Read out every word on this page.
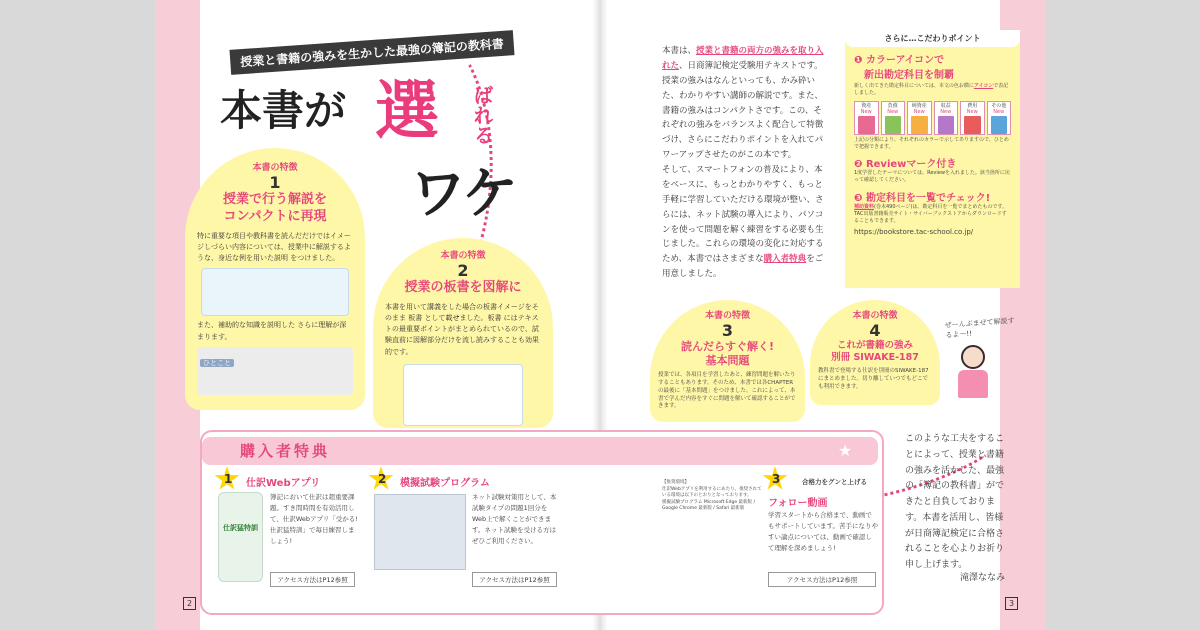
授業と書籍の強みを生かした最強の簿記の教科書
本書が 選 ばれる
ワケ
本書の特徴
1
授業で行う解説を
コンパクトに再現
特に重要な項目や教科書を読んだだけではイメージしづらい内容については、授業中に解説するような、身近な例を用いた説明 をつけました。
また、補助的な知識を説明した さらに理解が深まります。
ひとこと
本書の特徴
2
授業の板書を図解に
本書を用いて講義をした場合の板書イメージをそのまま 板書 として載せました。板書 にはテキストの最重要ポイントがまとめられているので、試験直前に図解部分だけを流し読みすることも効果的です。
本書は、授業と書籍の両方の強みを取り入れた、日商簿記検定受験用テキストです。
授業の強みはなんといっても、かみ砕いた、わかりやすい講師の解説です。また、書籍の強みはコンパクトさです。この、それぞれの強みをバランスよく配合して特徴づけ、さらにこだわりポイントを入れてパワーアップさせたのがこの本です。
そして、スマートフォンの普及により、本をベースに、もっとわかりやすく、もっと手軽に学習していただける環境が整い、さらには、ネット試験の導入により、パソコンを使って問題を解く練習をする必要も生じました。これらの環境の変化に対応するため、本書ではさまざまな購入者特典をご用意しました。
さらに…こだわりポイント
❶ カラーアイコンで
新出勘定科目を制覇
新しく出てきた勘定科目については、本文の色お横にアイコンで表記しました。
資産
New
負債
New
純資産
New
収益
New
費用
New
その他
New
上記の分類により、それぞれのカラーで示してありますので、ひとめで把握できます。
❷ Reviewマーク付き
1度学習したテーマについては、Reviewを入れました。該当箇所に戻って確認してください。
❸ 勘定科目を一覧でチェック!
補助資料(巻末490ページ)は、勘定科目を一覧でまとめたものです。TAC出版書籍販売サイト・サイバーブックストアからダウンロードすることもできます。
https://bookstore.tac-school.co.jp/
本書の特徴
3
読んだらすぐ解く!
基本問題
授業では、各項目を学習したあと、練習問題を解いたりすることもあります。そのため、本書では各CHAPTERの最後に「基本問題」をつけました。これによって、本書で学んだ内容をすぐに問題を解いて確認することができます。
本書の特徴
4
これが書籍の強み
別冊 SIWAKE-187
教科書で登場する仕訳を別冊のSIWAKE-187にまとめました。切り離していつでもどこでも利用できます。
ぜーんぶまぜて解説するよ〜!!
購入者特典	★
1 仕訳Webアプリ
仕訳猛特訓
簿記において仕訳は超重要課題。すき間時間を有効活用して、仕訳Webアプリ「受かる!仕訳猛特訓」で毎日練習しましょう!
アクセス方法はP12参照
2 模擬試験プログラム
ネット試験対策用として、本試験タイプの問題1回分をWeb上で解くことができます。ネット試験を受ける方はぜひご利用ください。
アクセス方法はP12参照
【推奨環境】
仕訳Webアプリを利用するにあたり、推奨されている環境は以下のとおりとなっております。
模擬試験プログラム Microsoft Edge 最新版 / Google Chrome 最新版 / Safari 最新版
3	合格力をグンと上げる
フォロー動画
学習スタートから合格まで、動画でもサポートしています。苦手になりやすい論点については、動画で確認して理解を深めましょう!
アクセス方法はP12参照
このような工夫をすることによって、授業と書籍の強みを活かした、最強の「簿記の教科書」ができたと自負しております。本書を活用し、皆様が日商簿記検定に合格されることを心よりお祈り申し上げます。
滝澤ななみ
2	3
